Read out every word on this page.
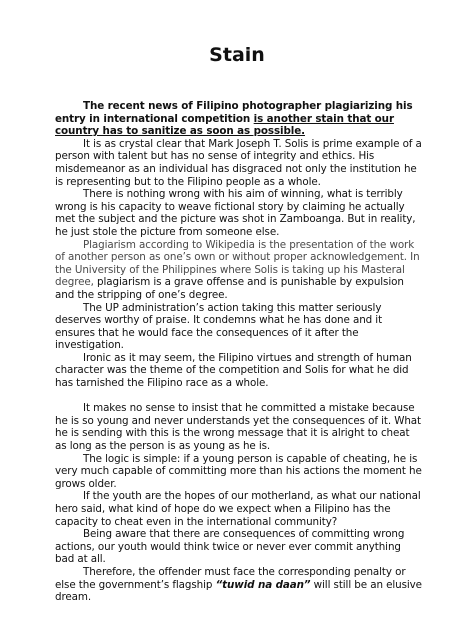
Stain

The recent news of Filipino photographer plagiarizing his entry in international competition is another stain that our country has to sanitize as soon as possible.

It is as crystal clear that Mark Joseph T. Solis is prime example of a person with talent but has no sense of integrity and ethics. His misdemeanor as an individual has disgraced not only the institution he is representing but to the Filipino people as a whole.

There is nothing wrong with his aim of winning, what is terribly wrong is his capacity to weave fictional story by claiming he actually met the subject and the picture was shot in Zamboanga. But in reality, he just stole the picture from someone else.

Plagiarism according to Wikipedia is the presentation of the work of another person as one’s own or without proper acknowledgement. In the University of the Philippines where Solis is taking up his Masteral degree, plagiarism is a grave offense and is punishable by expulsion and the stripping of one’s degree.

The UP administration’s action taking this matter seriously deserves worthy of praise. It condemns what he has done and it ensures that he would face the consequences of it after the investigation.

Ironic as it may seem, the Filipino virtues and strength of human character was the theme of the competition and Solis for what he did has tarnished the Filipino race as a whole.

It makes no sense to insist that he committed a mistake because he is so young and never understands yet the consequences of it. What he is sending with this is the wrong message that it is alright to cheat as long as the person is as young as he is.

The logic is simple: if a young person is capable of cheating, he is very much capable of committing more than his actions the moment he grows older.

If the youth are the hopes of our motherland, as what our national hero said, what kind of hope do we expect when a Filipino has the capacity to cheat even in the international community?

Being aware that there are consequences of committing wrong actions, our youth would think twice or never ever commit anything bad at all.

Therefore, the offender must face the corresponding penalty or else the government’s flagship “tuwid na daan” will still be an elusive dream.
